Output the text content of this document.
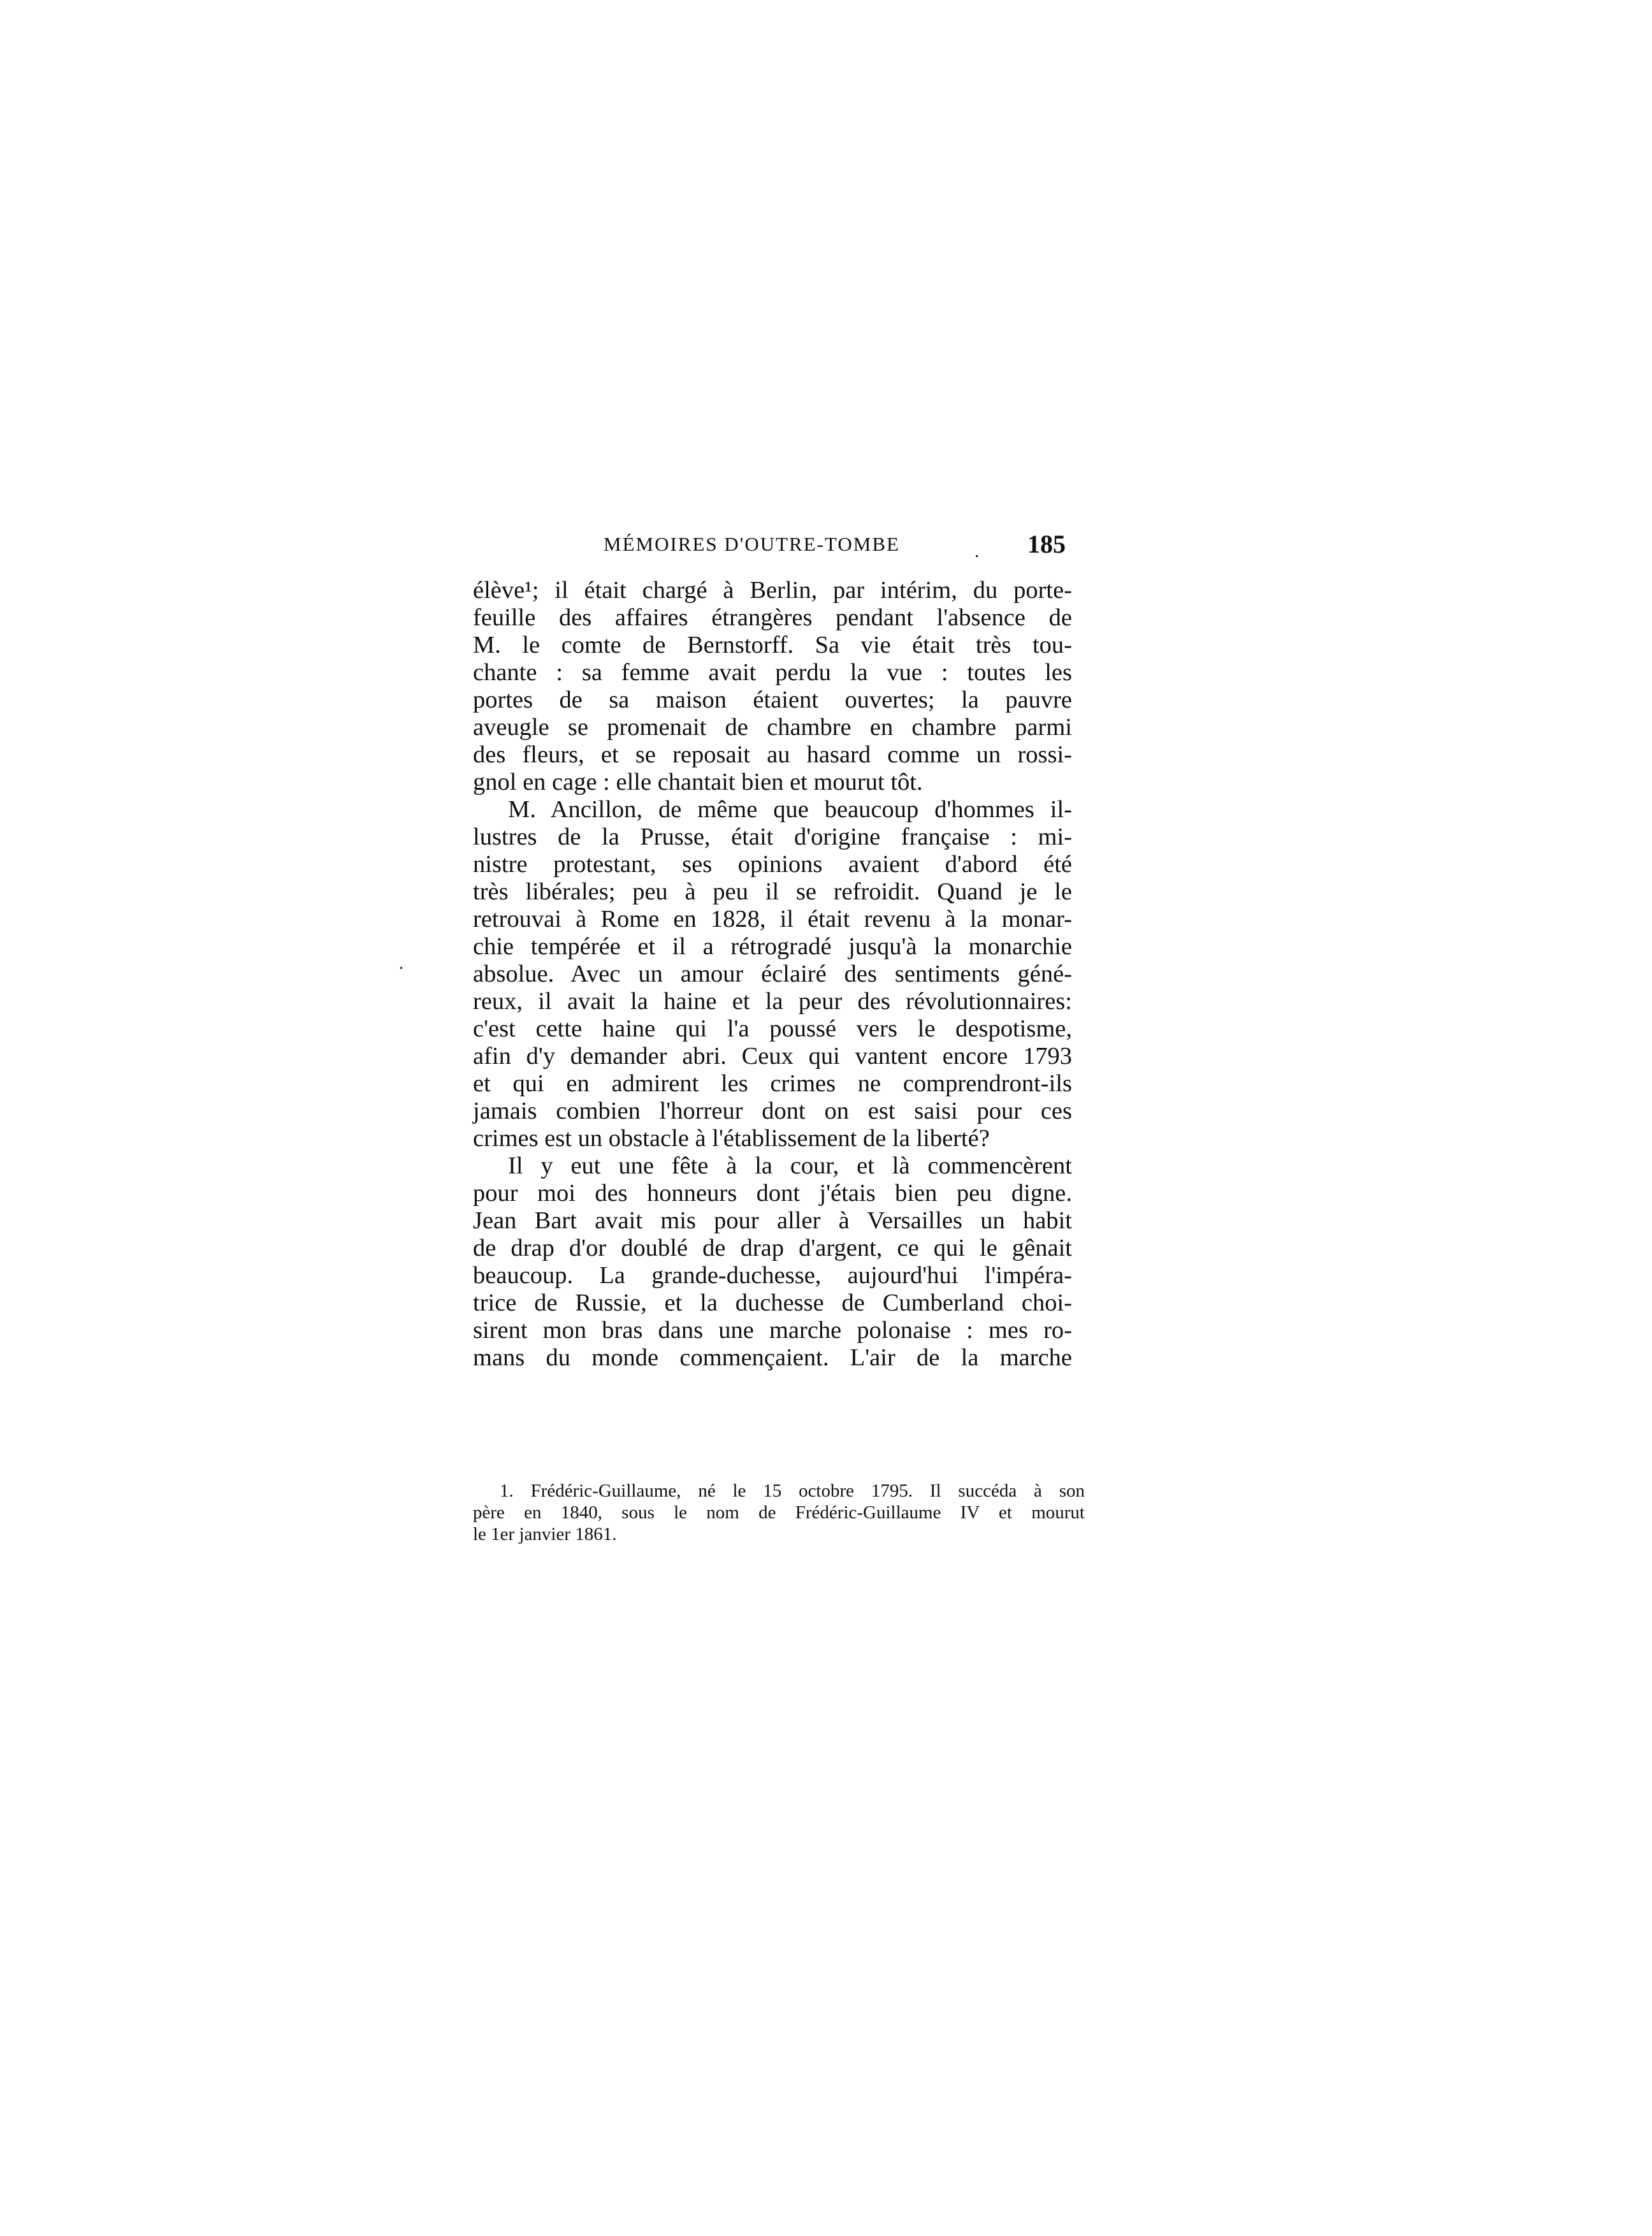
MÉMOIRES D'OUTRE-TOMBE	. 185
élève¹; il était chargé à Berlin, par intérim, du porte-
feuille des affaires étrangères pendant l'absence de
M. le comte de Bernstorff. Sa vie était très tou-
chante : sa femme avait perdu la vue : toutes les
portes de sa maison étaient ouvertes; la pauvre
aveugle se promenait de chambre en chambre parmi
des fleurs, et se reposait au hasard comme un rossi-
gnol en cage : elle chantait bien et mourut tôt.
M. Ancillon, de même que beaucoup d'hommes il-
lustres de la Prusse, était d'origine française : mi-
nistre protestant, ses opinions avaient d'abord été
très libérales; peu à peu il se refroidit. Quand je le
retrouvai à Rome en 1828, il était revenu à la monar-
chie tempérée et il a rétrogradé jusqu'à la monarchie
absolue. Avec un amour éclairé des sentiments géné-
reux, il avait la haine et la peur des révolutionnaires:
c'est cette haine qui l'a poussé vers le despotisme,
afin d'y demander abri. Ceux qui vantent encore 1793
et qui en admirent les crimes ne comprendront-ils
jamais combien l'horreur dont on est saisi pour ces
crimes est un obstacle à l'établissement de la liberté?
Il y eut une fête à la cour, et là commencèrent
pour moi des honneurs dont j'étais bien peu digne.
Jean Bart avait mis pour aller à Versailles un habit
de drap d'or doublé de drap d'argent, ce qui le gênait
beaucoup. La grande-duchesse, aujourd'hui l'impéra-
trice de Russie, et la duchesse de Cumberland choi-
sirent mon bras dans une marche polonaise : mes ro-
mans du monde commençaient. L'air de la marche
.
1. Frédéric-Guillaume, né le 15 octobre 1795. Il succéda à son
père en 1840, sous le nom de Frédéric-Guillaume IV et mourut
le 1er janvier 1861.
